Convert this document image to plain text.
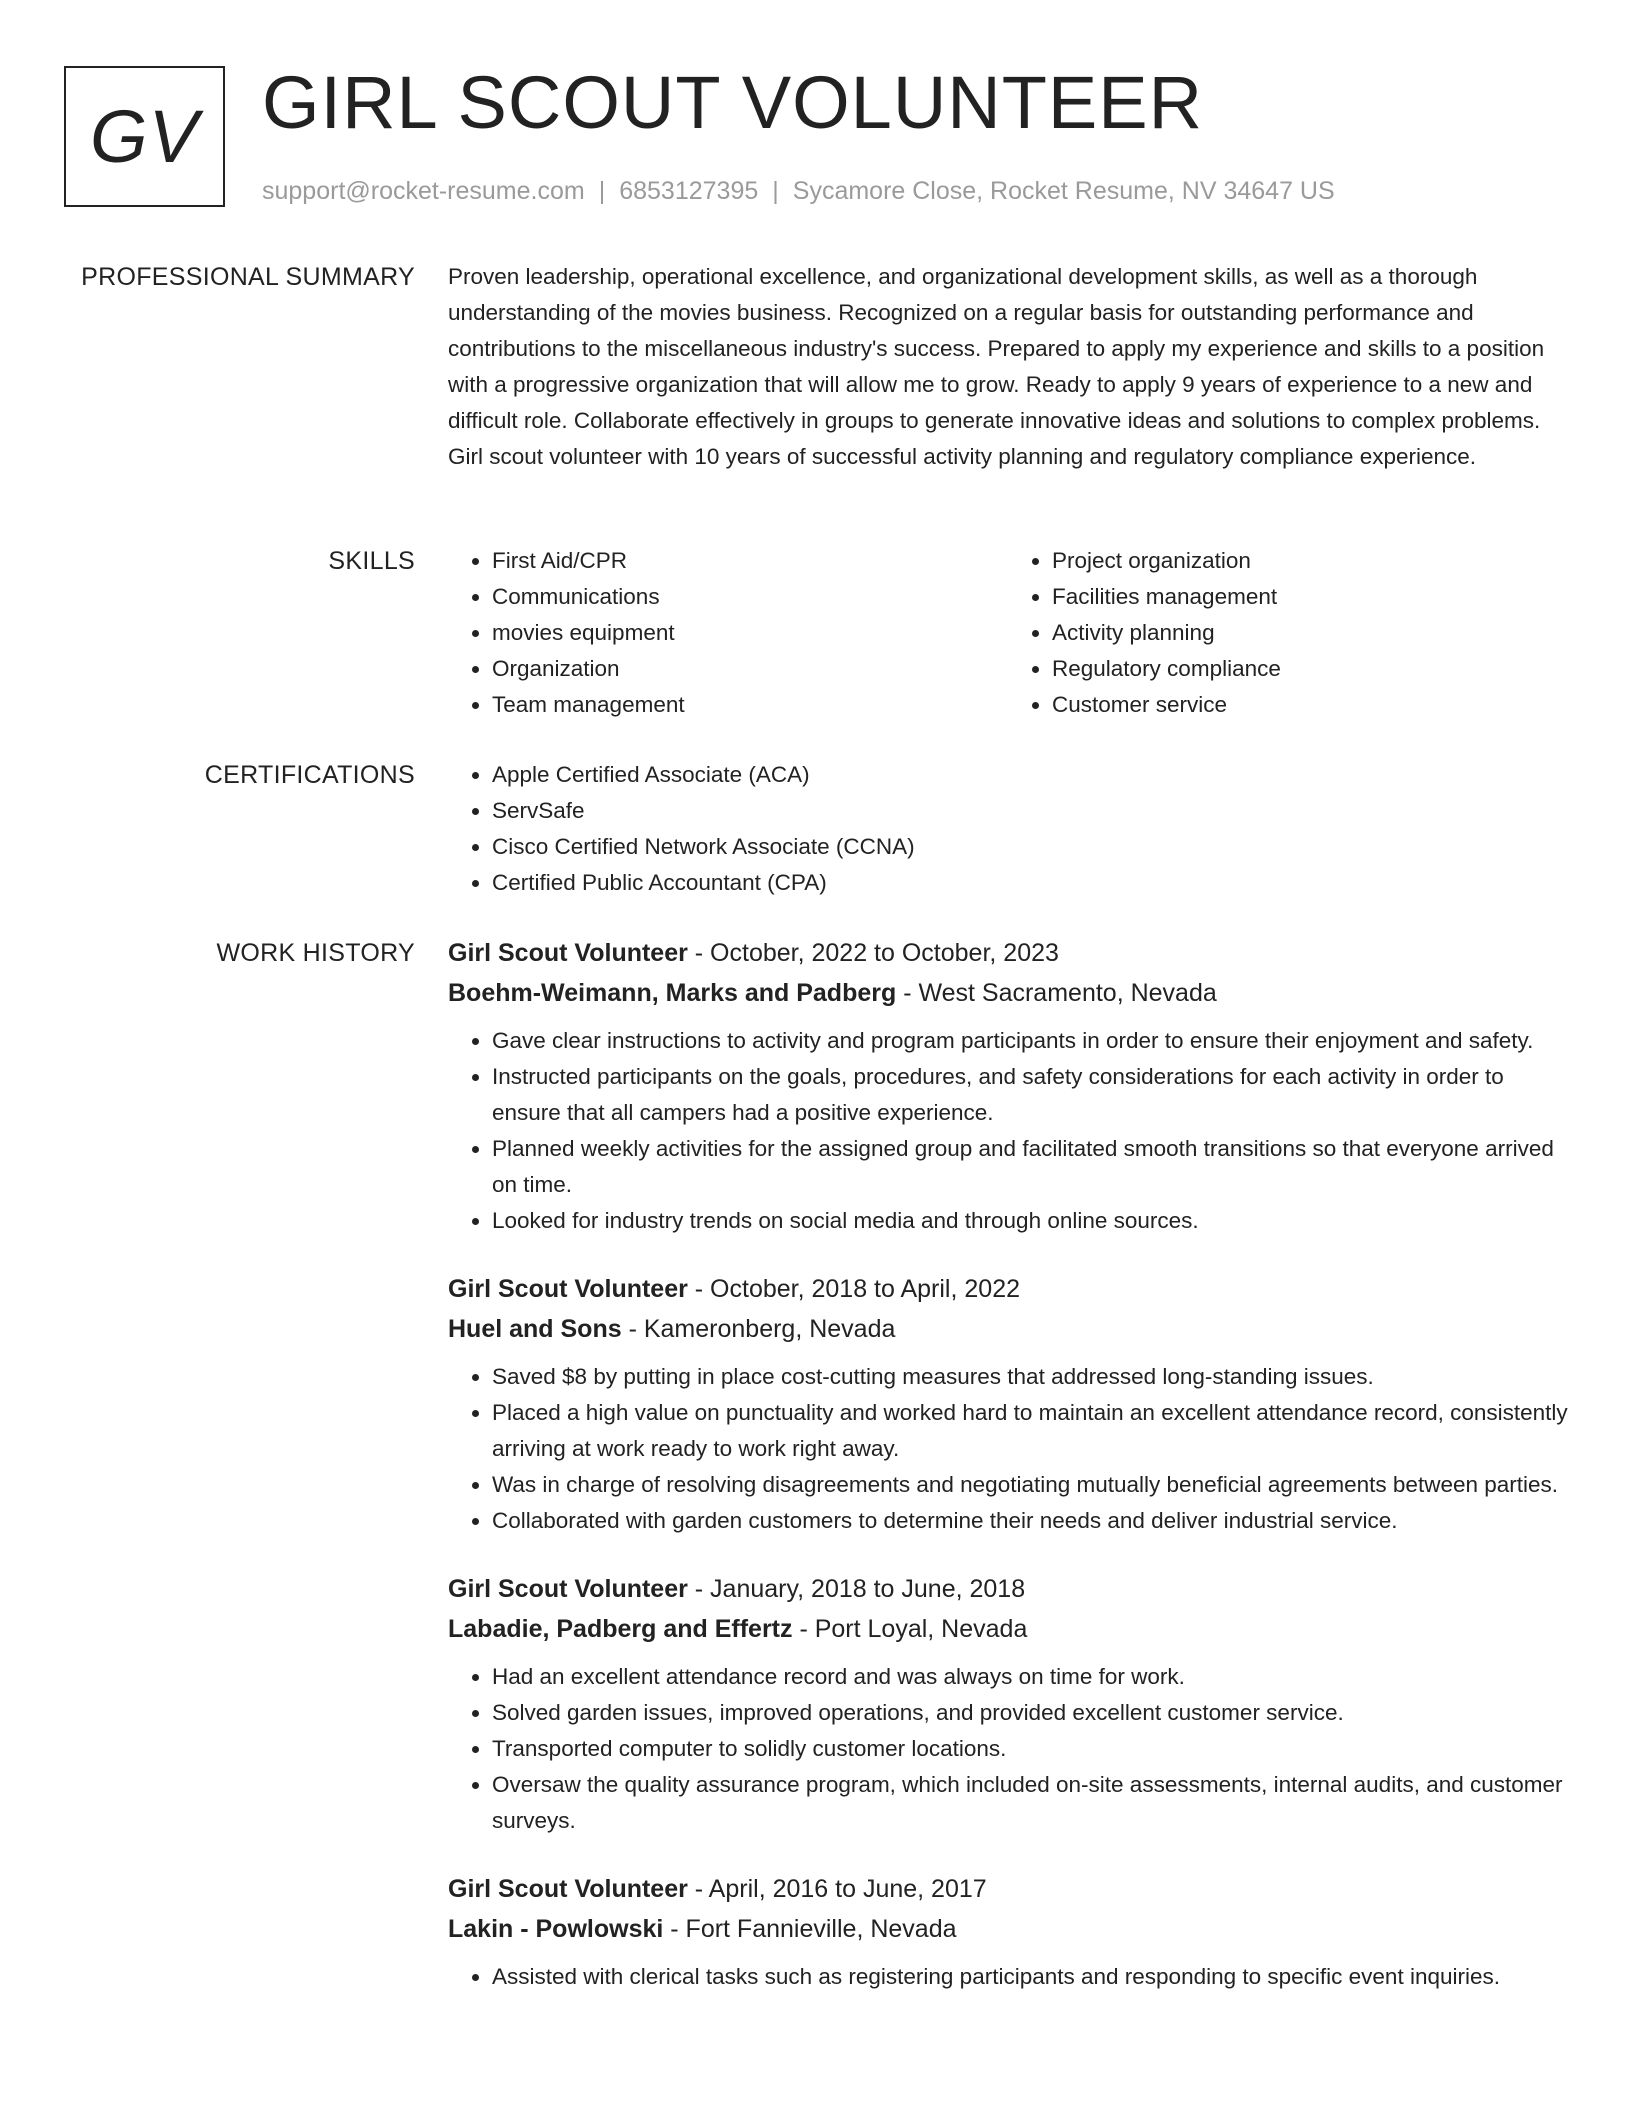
GV GIRL SCOUT VOLUNTEER
support@rocket-resume.com | 6853127395 | Sycamore Close, Rocket Resume, NV 34647 US
PROFESSIONAL SUMMARY Proven leadership, operational excellence, and organizational development skills, as well as a thorough understanding of the movies business. Recognized on a regular basis for outstanding performance and contributions to the miscellaneous industry's success. Prepared to apply my experience and skills to a position with a progressive organization that will allow me to grow. Ready to apply 9 years of experience to a new and difficult role. Collaborate effectively in groups to generate innovative ideas and solutions to complex problems. Girl scout volunteer with 10 years of successful activity planning and regulatory compliance experience.

SKILLS	• First Aid/CPR
• Communications
• movies equipment
• Organization
• Team management
• Project organization
• Facilities management
• Activity planning
• Regulatory compliance
• Customer service
CERTIFICATIONS	• Apple Certified Associate (ACA)
• ServSafe
• Cisco Certified Network Associate (CCNA)
• Certified Public Accountant (CPA)
WORK HISTORY Girl Scout Volunteer - October, 2022 to October, 2023
Boehm-Weimann, Marks and Padberg - West Sacramento, Nevada
• Gave clear instructions to activity and program participants in order to ensure their enjoyment and safety.
• Instructed participants on the goals, procedures, and safety considerations for each activity in order to ensure that all campers had a positive experience.
• Planned weekly activities for the assigned group and facilitated smooth transitions so that everyone arrived on time.
• Looked for industry trends on social media and through online sources.
Girl Scout Volunteer - October, 2018 to April, 2022
Huel and Sons - Kameronberg, Nevada
• Saved $8 by putting in place cost-cutting measures that addressed long-standing issues.
• Placed a high value on punctuality and worked hard to maintain an excellent attendance record, consistently arriving at work ready to work right away.
• Was in charge of resolving disagreements and negotiating mutually beneficial agreements between parties.
• Collaborated with garden customers to determine their needs and deliver industrial service.
Girl Scout Volunteer - January, 2018 to June, 2018
Labadie, Padberg and Effertz - Port Loyal, Nevada
• Had an excellent attendance record and was always on time for work.
• Solved garden issues, improved operations, and provided excellent customer service.
• Transported computer to solidly customer locations.
• Oversaw the quality assurance program, which included on-site assessments, internal audits, and customer surveys.
Girl Scout Volunteer - April, 2016 to June, 2017
Lakin - Powlowski - Fort Fannieville, Nevada
• Assisted with clerical tasks such as registering participants and responding to specific event inquiries.
